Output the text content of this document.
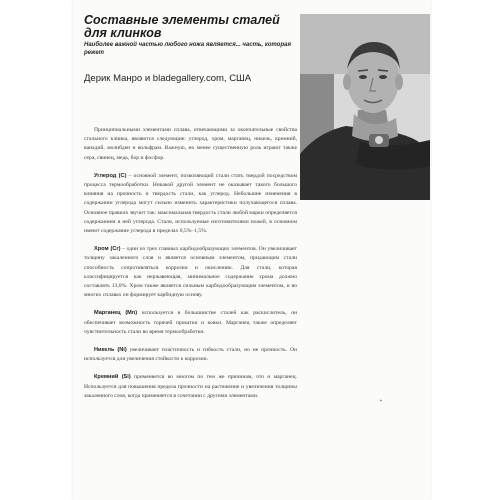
Составные элементы сталей для клинков
Наиболее важной частью любого ножа является... часть, которая режет
Дерик Манро и bladegallery.com, США

Принципиальными элементами сплава, отвечающими за окончательные свойства стального клинка, являются следующие: углерод, хром, марганец, никель, кремний, ванадий, молибден и вольфрам. Важную, но менее существенную роль играют также сера, свинец, медь, бор и фосфор.

Углерод (С) – основной элемент, позволяющий стали стать твердой посредством процесса термообработки. Никакой другой элемент не оказывает такого большого влияния на прочность и твердость стали, как углерод. Небольшие изменения в содержании углерода могут сильно изменить характеристики получающегося сплава. Основное правило звучит так: максимальная твердость стали любой марки определяется содержанием в ней углерода. Стали, используемые изготовителями ножей, в основном имеют содержание углерода в пределах 0,5%–1,5%.

Хром (Cr) – один из трех главных карбидообразующих элементов. Он увеличивает толщину закаленного слоя и является основным элементом, придающим стали способность сопротивляться коррозии и окислению. Для стали, которая классифицируется как нержавеющая, минимальное содержание хрома должно составлять 13,0%. Хром также является сильным карбидообразующим элементом, и во многих сплавах он формирует карбидную основу.

Марганец (Mn) используется в большинстве сталей как раскислитель, он обеспечивает возможность горячей прокатки и ковки. Марганец также определяет чувствительность стали во время термообработки.

Никель (Ni) увеличивает пластичность и гибкость стали, но не прочность. Он используется для увеличения стойкости к коррозии.

Кремний (Si) применяется во многом по тем же причинам, что и марганец. Используется для повышения предела прочности на растяжение и увеличения толщины закаленного слоя, когда применяется в сочетании с другими элементами.

▪
